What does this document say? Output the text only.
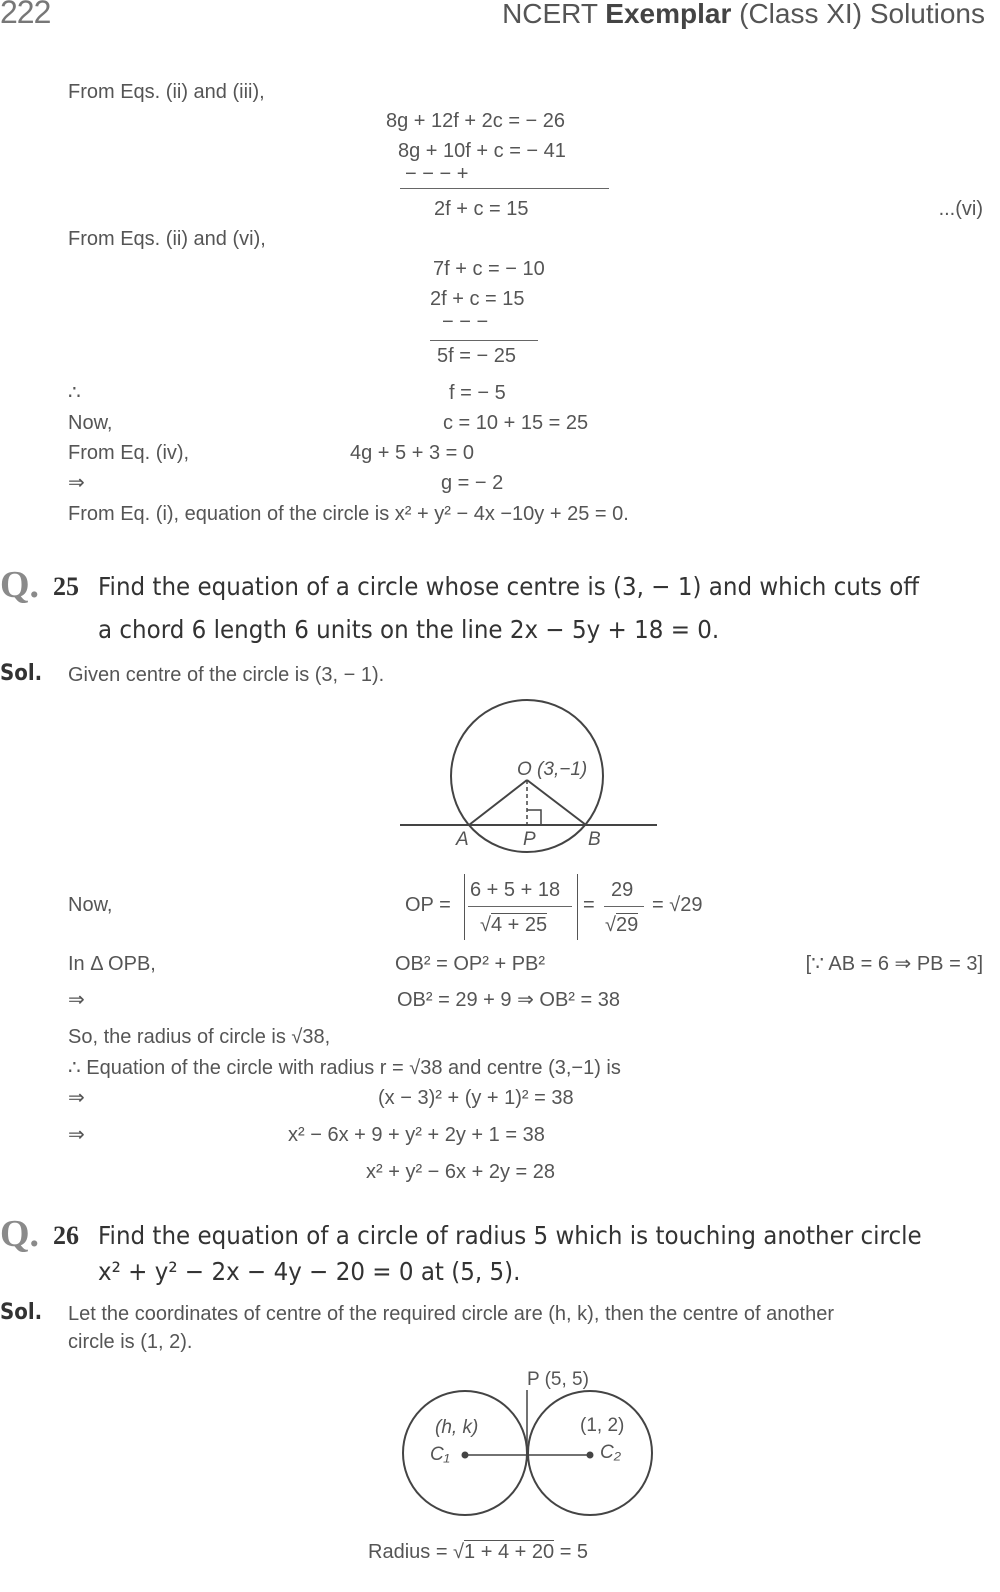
222	NCERT Exemplar (Class XI) Solutions
From Eqs. (ii) and (iii),
8g + 12f + 2c = − 26
8g + 10f + c = − 41
− − − +
2f + c = 15	...(vi)
From Eqs. (ii) and (vi),
7f + c = − 10
2f + c = 15
− − −
5f = − 25
∴	f = − 5
Now,	c = 10 + 15 = 25
From Eq. (iv),	4g + 5 + 3 = 0
⇒	g = − 2
From Eq. (i), equation of the circle is x² + y² − 4x −10y + 25 = 0.
Q. 25 Find the equation of a circle whose centre is (3, − 1) and which cuts off
a chord 6 length 6 units on the line 2x − 5y + 18 = 0.
Sol. Given centre of the circle is (3, − 1).
O (3,−1)
A	P	B
P (5, 5)
(h, k)
C₁
(1, 2)
C₂
Now,	OP =
6 + 5 + 18
√4 + 25
=
29
√29
= √29
In Δ OPB,	OB² = OP² + PB²	[∵ AB = 6 ⇒ PB = 3]
⇒	OB² = 29 + 9 ⇒ OB² = 38
So, the radius of circle is √38,
∴ Equation of the circle with radius r = √38 and centre (3,−1) is
⇒	(x − 3)² + (y + 1)² = 38
⇒	x² − 6x + 9 + y² + 2y + 1 = 38
x² + y² − 6x + 2y = 28
Q. 26 Find the equation of a circle of radius 5 which is touching another circle
x² + y² − 2x − 4y − 20 = 0 at (5, 5).
Sol. Let the coordinates of centre of the required circle are (h, k), then the centre of another
circle is (1, 2).
Radius = √1 + 4 + 20 = 5
